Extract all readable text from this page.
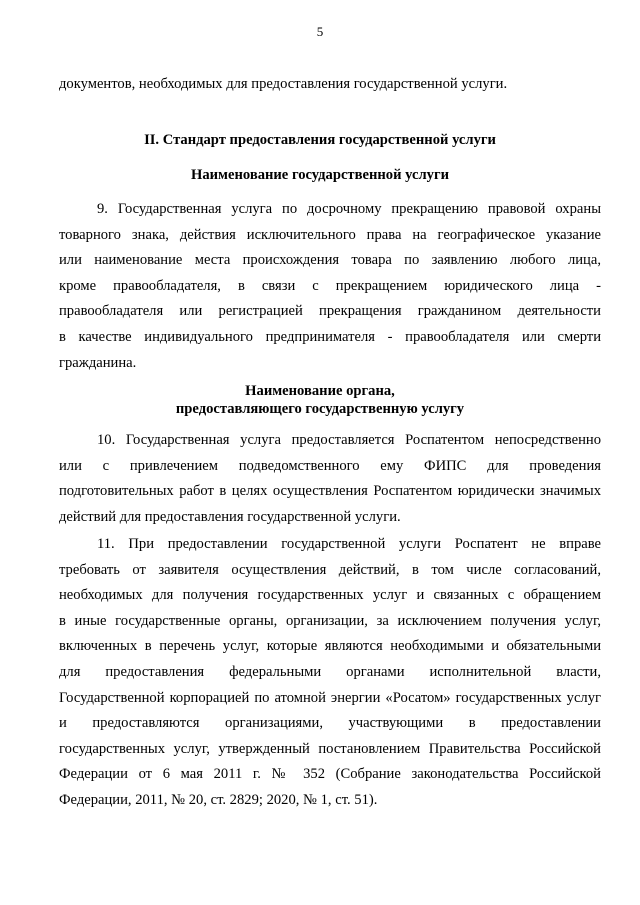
5
документов, необходимых для предоставления государственной услуги.
II. Стандарт предоставления государственной услуги
Наименование государственной услуги
9. Государственная услуга по досрочному прекращению правовой охраны
товарного знака, действия исключительного права на географическое указание
или наименование места происхождения товара по заявлению любого лица,
кроме правообладателя, в связи с прекращением юридического лица -
правообладателя или регистрацией прекращения гражданином деятельности
в качестве индивидуального предпринимателя - правообладателя или смерти
гражданина.
Наименование органа,
предоставляющего государственную услугу
10. Государственная услуга предоставляется Роспатентом непосредственно
или с привлечением подведомственного ему ФИПС для проведения
подготовительных работ в целях осуществления Роспатентом юридически значимых
действий для предоставления государственной услуги.
11. При предоставлении государственной услуги Роспатент не вправе
требовать от заявителя осуществления действий, в том числе согласований,
необходимых для получения государственных услуг и связанных с обращением
в иные государственные органы, организации, за исключением получения услуг,
включенных в перечень услуг, которые являются необходимыми и обязательными
для предоставления федеральными органами исполнительной власти,
Государственной корпорацией по атомной энергии «Росатом» государственных услуг
и предоставляются организациями, участвующими в предоставлении
государственных услуг, утвержденный постановлением Правительства Российской
Федерации от 6 мая 2011 г. № 352 (Собрание законодательства Российской
Федерации, 2011, № 20, ст. 2829; 2020, № 1, ст. 51).
